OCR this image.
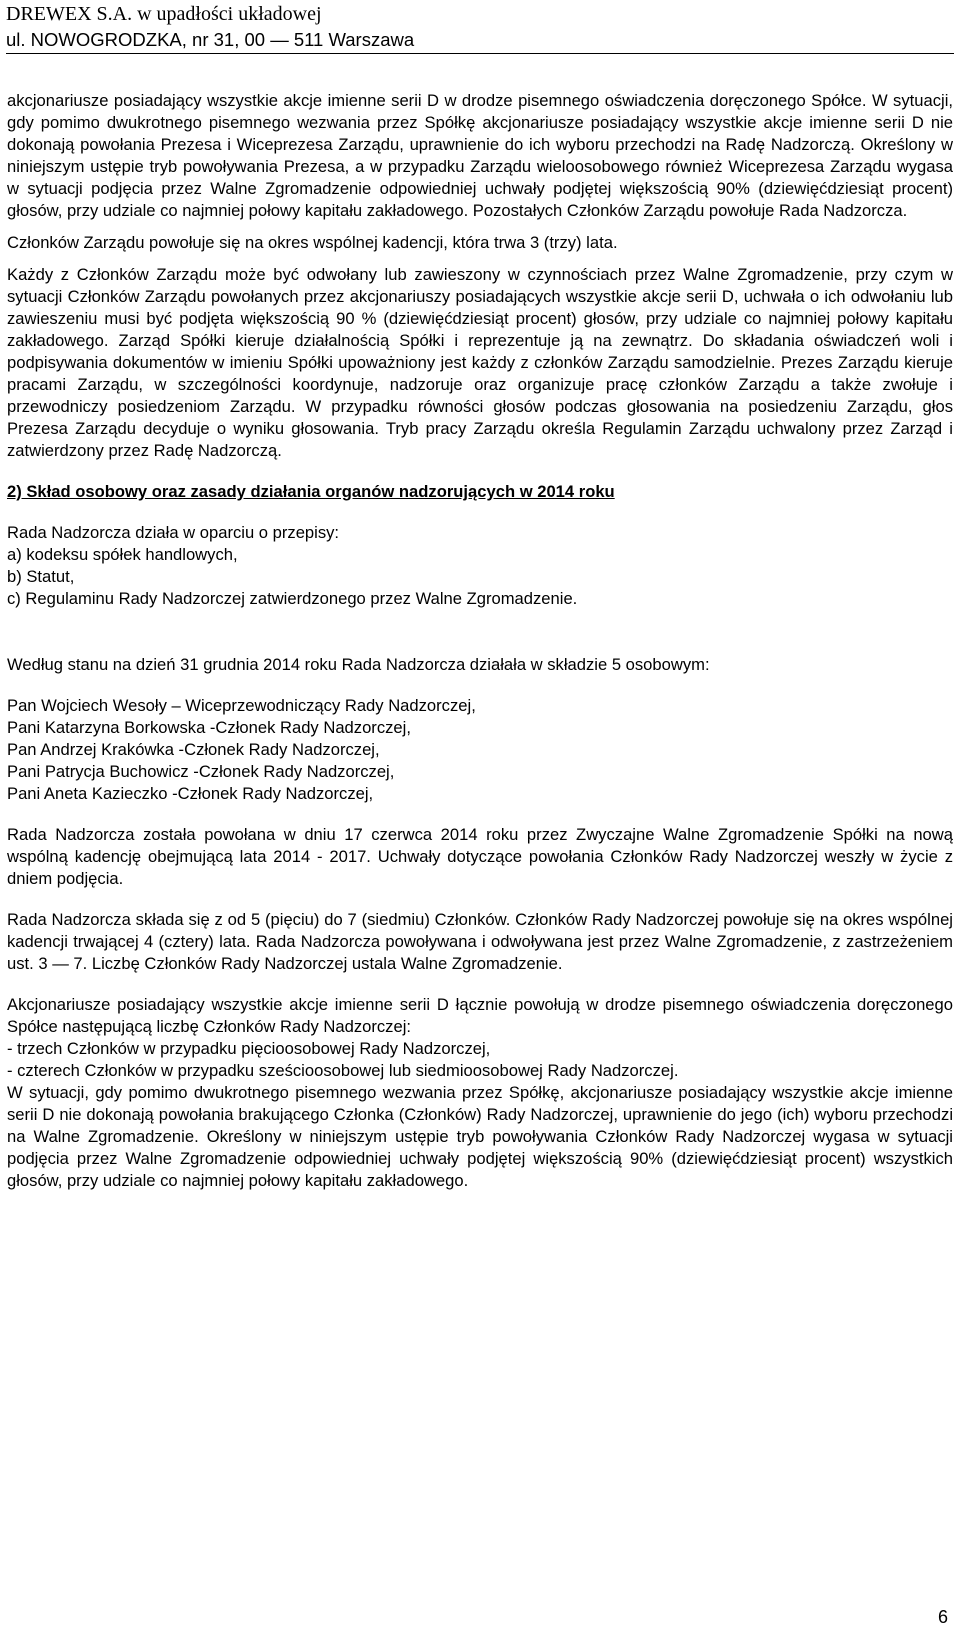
DREWEX S.A. w upadłości układowej
ul. NOWOGRODZKA, nr 31, 00 — 511 Warszawa

akcjonariusze posiadający wszystkie akcje imienne serii D w drodze pisemnego oświadczenia doręczonego Spółce. W sytuacji, gdy pomimo dwukrotnego pisemnego wezwania przez Spółkę akcjonariusze posiadający wszystkie akcje imienne serii D nie dokonają powołania Prezesa i Wiceprezesa Zarządu, uprawnienie do ich wyboru przechodzi na Radę Nadzorczą. Określony w niniejszym ustępie tryb powoływania Prezesa, a w przypadku Zarządu wieloosobowego również Wiceprezesa Zarządu wygasa w sytuacji podjęcia przez Walne Zgromadzenie odpowiedniej uchwały podjętej większością 90% (dziewięćdziesiąt procent) głosów, przy udziale co najmniej połowy kapitału zakładowego. Pozostałych Członków Zarządu powołuje Rada Nadzorcza.

Członków Zarządu powołuje się na okres wspólnej kadencji, która trwa 3 (trzy) lata.

Każdy z Członków Zarządu może być odwołany lub zawieszony w czynnościach przez Walne Zgromadzenie, przy czym w sytuacji Członków Zarządu powołanych przez akcjonariuszy posiadających wszystkie akcje serii D, uchwała o ich odwołaniu lub zawieszeniu musi być podjęta większością 90 % (dziewięćdziesiąt procent) głosów, przy udziale co najmniej połowy kapitału zakładowego. Zarząd Spółki kieruje działalnością Spółki i reprezentuje ją na zewnątrz. Do składania oświadczeń woli i podpisywania dokumentów w imieniu Spółki upoważniony jest każdy z członków Zarządu samodzielnie. Prezes Zarządu kieruje pracami Zarządu, w szczególności koordynuje, nadzoruje oraz organizuje pracę członków Zarządu a także zwołuje i przewodniczy posiedzeniom Zarządu. W przypadku równości głosów podczas głosowania na posiedzeniu Zarządu, głos Prezesa Zarządu decyduje o wyniku głosowania. Tryb pracy Zarządu określa Regulamin Zarządu uchwalony przez Zarząd i zatwierdzony przez Radę Nadzorczą.

2) Skład osobowy oraz zasady działania organów nadzorujących w 2014 roku

Rada Nadzorcza działa w oparciu o przepisy:

a) kodeksu spółek handlowych,

b) Statut,

c) Regulaminu Rady Nadzorczej zatwierdzonego przez Walne Zgromadzenie.

Według stanu na dzień 31 grudnia 2014 roku Rada Nadzorcza działała w składzie 5 osobowym:

Pan Wojciech Wesoły – Wiceprzewodniczący Rady Nadzorczej,

Pani Katarzyna Borkowska -Członek Rady Nadzorczej,

Pan Andrzej Krakówka -Członek Rady Nadzorczej,

Pani Patrycja Buchowicz -Członek Rady Nadzorczej,

Pani Aneta Kazieczko -Członek Rady Nadzorczej,

Rada Nadzorcza została powołana w dniu 17 czerwca 2014 roku przez Zwyczajne Walne Zgromadzenie Spółki na nową wspólną kadencję obejmującą lata 2014 - 2017. Uchwały dotyczące powołania Członków Rady Nadzorczej weszły w życie z dniem podjęcia.

Rada Nadzorcza składa się z od 5 (pięciu) do 7 (siedmiu) Członków. Członków Rady Nadzorczej powołuje się na okres wspólnej kadencji trwającej 4 (cztery) lata. Rada Nadzorcza powoływana i odwoływana jest przez Walne Zgromadzenie, z zastrzeżeniem ust. 3 — 7. Liczbę Członków Rady Nadzorczej ustala Walne Zgromadzenie.

Akcjonariusze posiadający wszystkie akcje imienne serii D łącznie powołują w drodze pisemnego oświadczenia doręczonego Spółce następującą liczbę Członków Rady Nadzorczej:

- trzech Członków w przypadku pięcioosobowej Rady Nadzorczej,

- czterech Członków w przypadku sześcioosobowej lub siedmioosobowej Rady Nadzorczej.

W sytuacji, gdy pomimo dwukrotnego pisemnego wezwania przez Spółkę, akcjonariusze posiadający wszystkie akcje imienne serii D nie dokonają powołania brakującego Członka (Członków) Rady Nadzorczej, uprawnienie do jego (ich) wyboru przechodzi na Walne Zgromadzenie. Określony w niniejszym ustępie tryb powoływania Członków Rady Nadzorczej wygasa w sytuacji podjęcia przez Walne Zgromadzenie odpowiedniej uchwały podjętej większością 90% (dziewięćdziesiąt procent) wszystkich głosów, przy udziale co najmniej połowy kapitału zakładowego.

6
